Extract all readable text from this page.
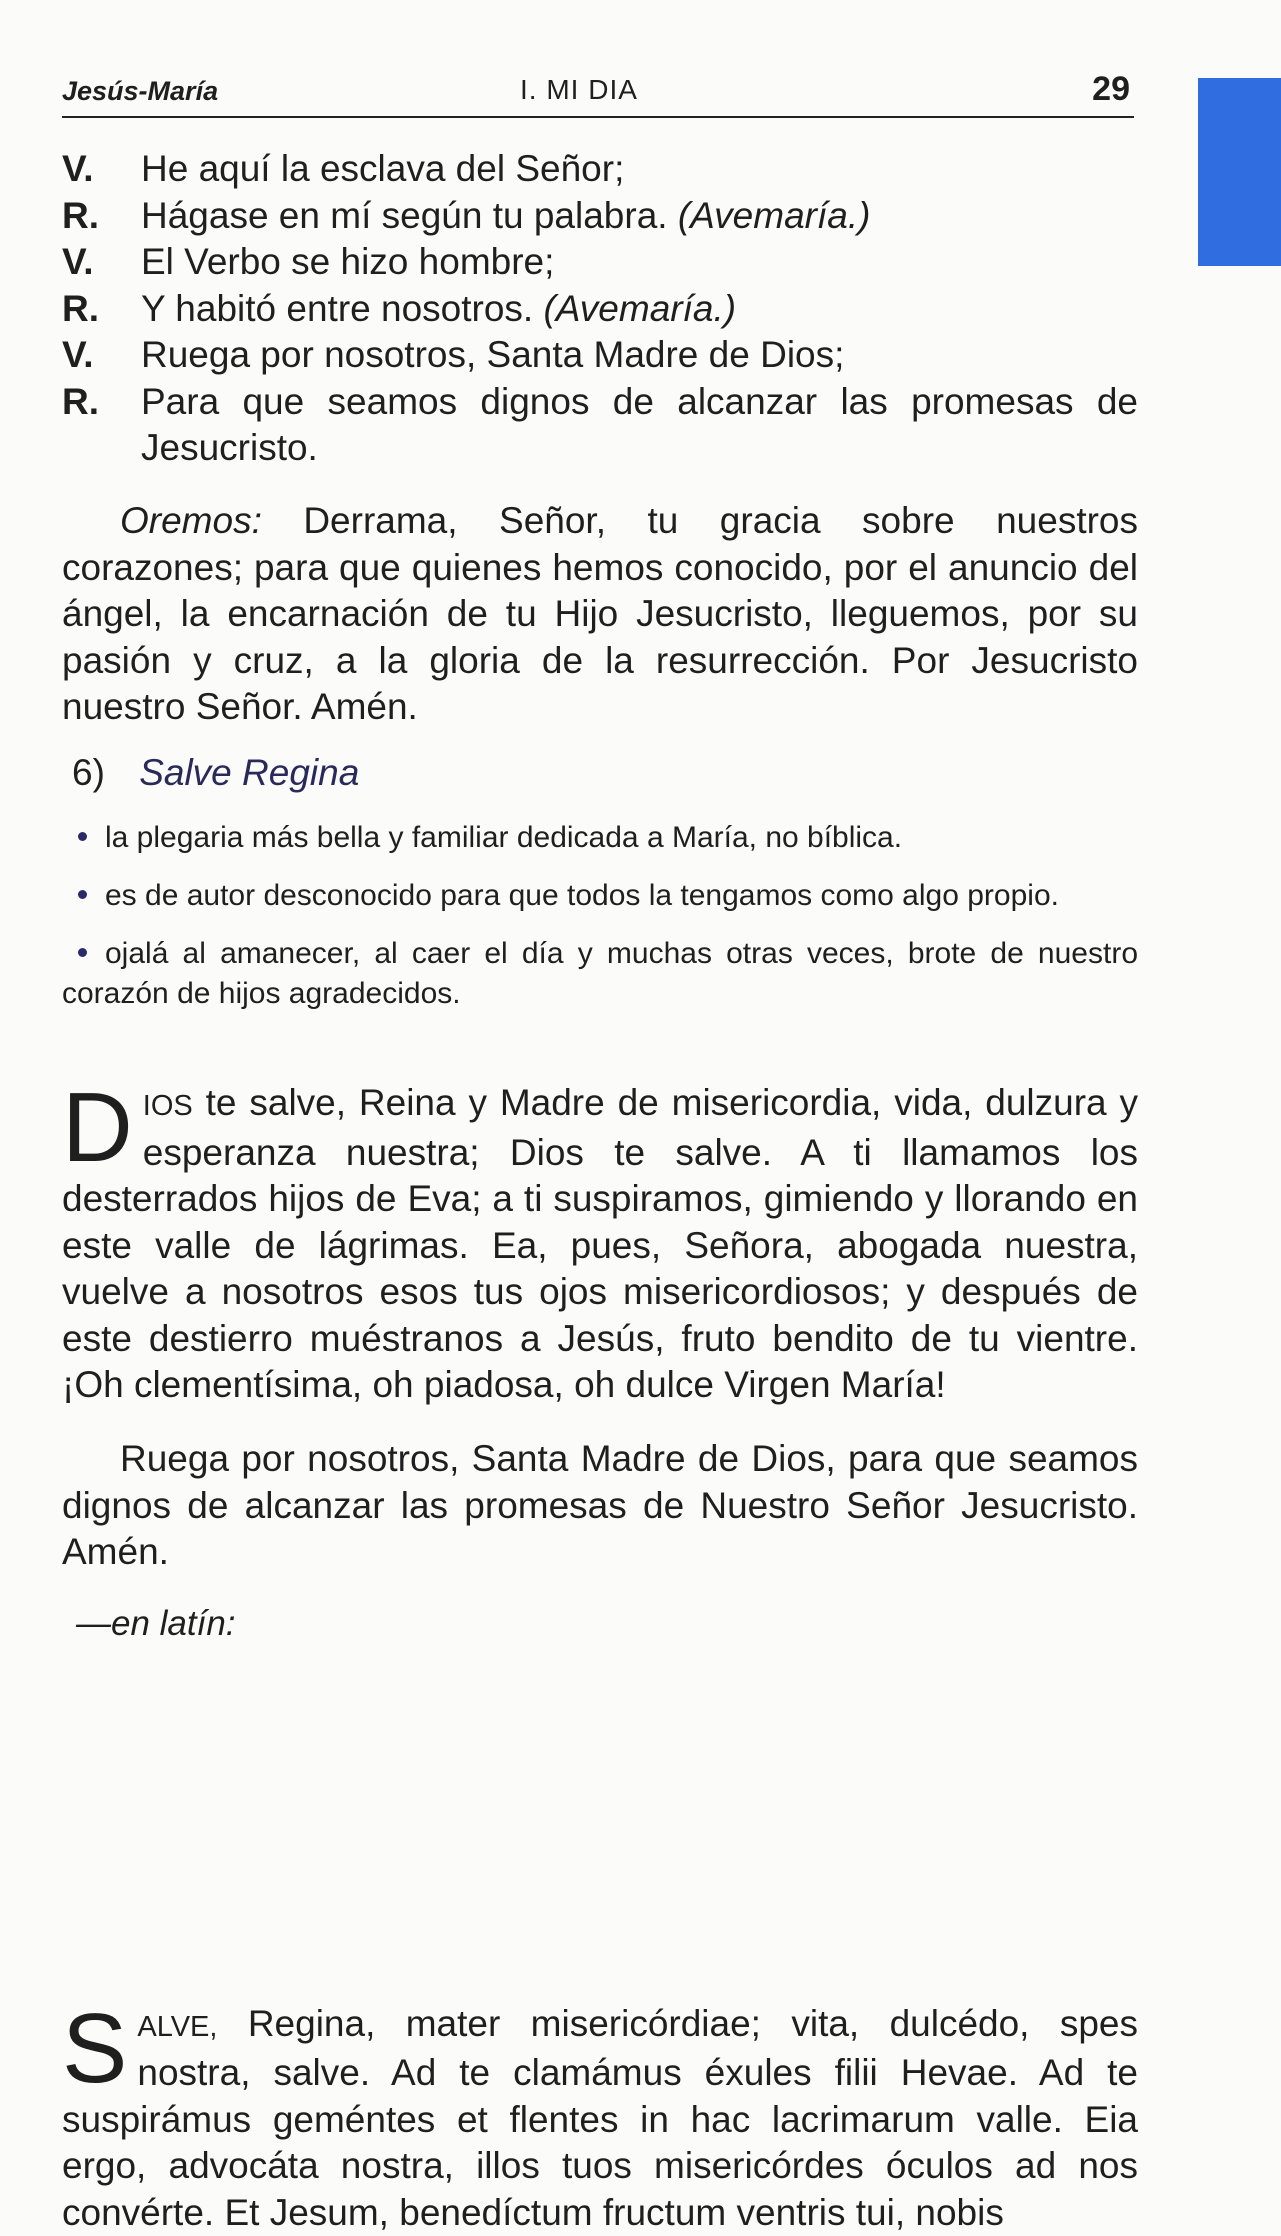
Jesús-María	I. MI DIA	29
V.	He aquí la esclava del Señor;
R.	Hágase en mí según tu palabra. (Avemaría.)
V.	El Verbo se hizo hombre;
R.	Y habitó entre nosotros. (Avemaría.)
V.	Ruega por nosotros, Santa Madre de Dios;
R.	Para que seamos dignos de alcanzar las promesas de Jesucristo.
Oremos: Derrama, Señor, tu gracia sobre nuestros corazones; para que quienes hemos conocido, por el anuncio del ángel, la encarnación de tu Hijo Jesucristo, lleguemos, por su pasión y cruz, a la gloria de la resurrección. Por Jesucristo nuestro Señor. Amén.
6) Salve Regina
la plegaria más bella y familiar dedicada a María, no bíblica.
es de autor desconocido para que todos la tengamos como algo propio.
ojalá al amanecer, al caer el día y muchas otras veces, brote de nuestro corazón de hijos agradecidos.
DIOS te salve, Reina y Madre de misericordia, vida, dulzura y esperanza nuestra; Dios te salve. A ti llamamos los desterrados hijos de Eva; a ti suspiramos, gimiendo y llorando en este valle de lágrimas. Ea, pues, Señora, abogada nuestra, vuelve a nosotros esos tus ojos misericordiosos; y después de este destierro muéstranos a Jesús, fruto bendito de tu vientre. ¡Oh clementísima, oh piadosa, oh dulce Virgen María!
Ruega por nosotros, Santa Madre de Dios, para que seamos dignos de alcanzar las promesas de Nuestro Señor Jesucristo. Amén.
—en latín:
SALVE, Regina, mater misericórdiae; vita, dulcédo, spes nostra, salve. Ad te clamámus éxules filii Hevae. Ad te suspirámus geméntes et flentes in hac lacrimarum valle. Eia ergo, advocáta nostra, illos tuos misericórdes óculos ad nos convérte. Et Jesum, benedíctum fructum ventris tui, nobis
